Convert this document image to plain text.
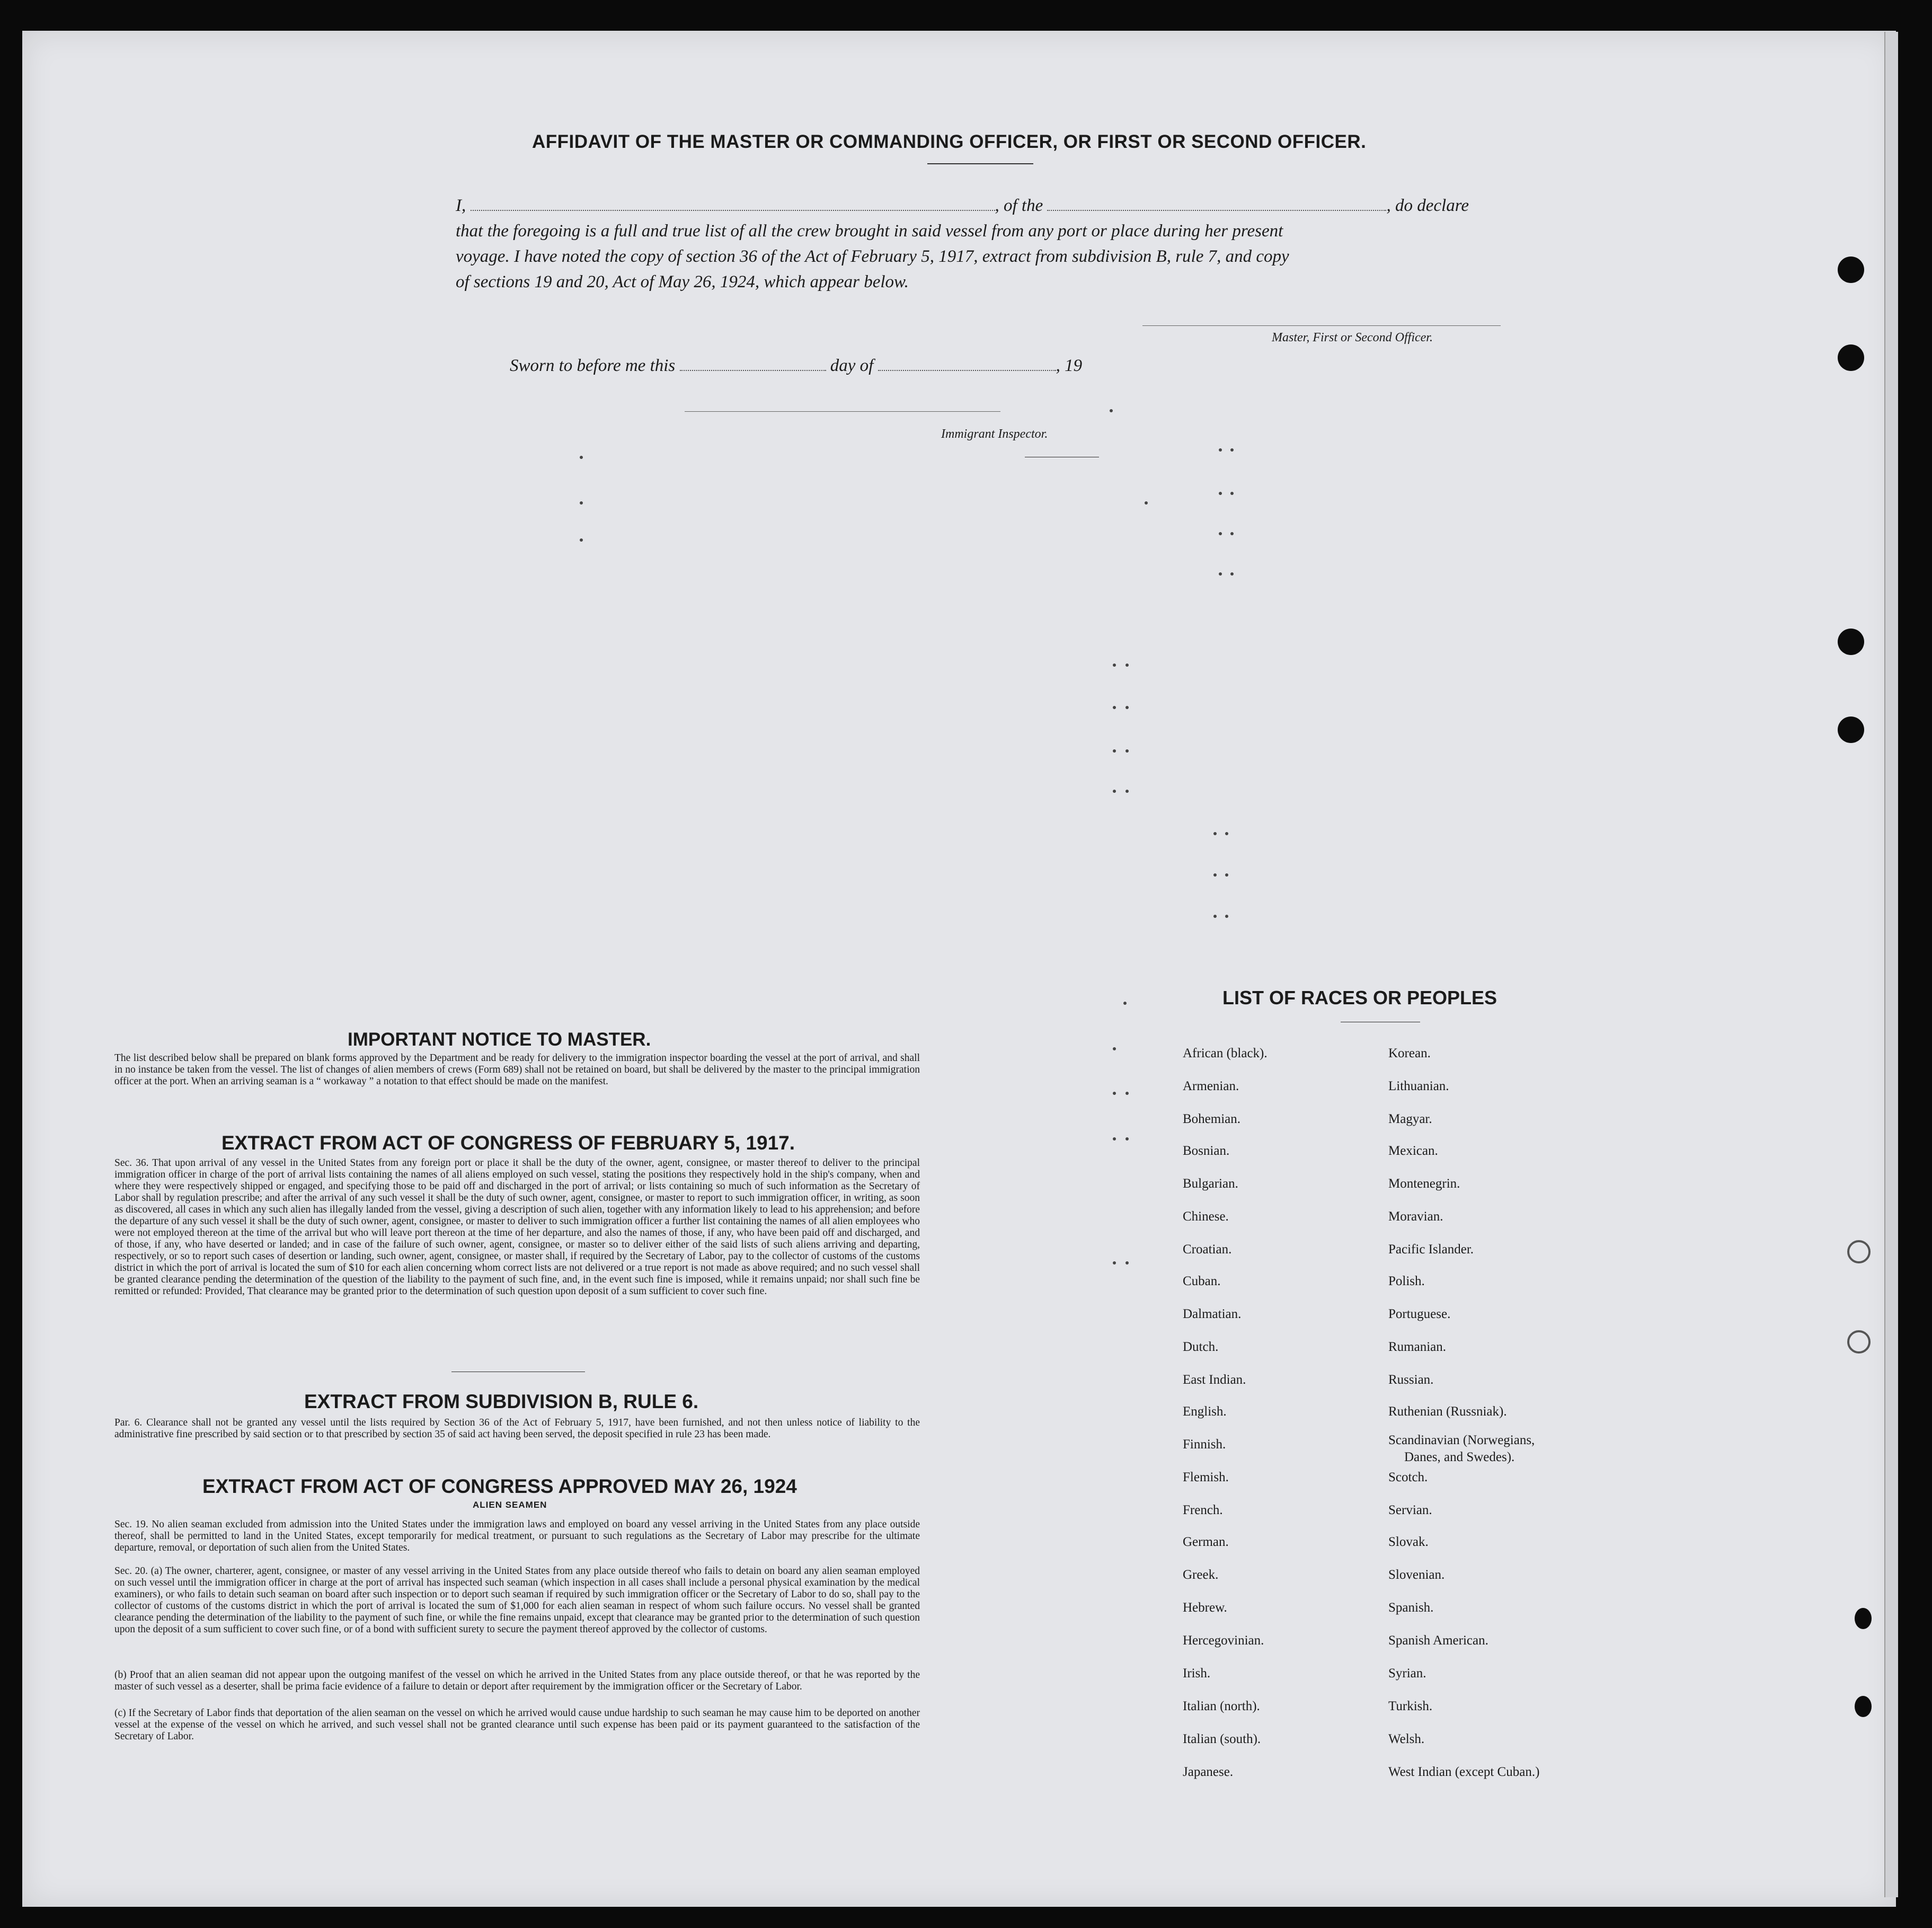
AFFIDAVIT OF THE MASTER OR COMMANDING OFFICER, OR FIRST OR SECOND OFFICER.
I,	, of the	, do declare
that the foregoing is a full and true list of all the crew brought in said vessel from any port or place during her present
voyage. I have noted the copy of section 36 of the Act of February 5, 1917, extract from subdivision B, rule 7, and copy
of sections 19 and 20, Act of May 26, 1924, which appear below.
Master, First or Second Officer.
Sworn to before me this	day of	, 19
Immigrant Inspector.
IMPORTANT NOTICE TO MASTER.
The list described below shall be prepared on blank forms approved by the Department and be ready for delivery to the immigration inspector boarding the vessel at the port of arrival, and shall in no instance be taken from the vessel. The list of changes of alien members of crews (Form 689) shall not be retained on board, but shall be delivered by the master to the principal immigration officer at the port. When an arriving seaman is a “ workaway ” a notation to that effect should be made on the manifest.
EXTRACT FROM ACT OF CONGRESS OF FEBRUARY 5, 1917.
Sec. 36. That upon arrival of any vessel in the United States from any foreign port or place it shall be the duty of the owner, agent, consignee, or master thereof to deliver to the principal immigration officer in charge of the port of arrival lists containing the names of all aliens employed on such vessel, stating the positions they respectively hold in the ship's company, when and where they were respectively shipped or engaged, and specifying those to be paid off and discharged in the port of arrival; or lists containing so much of such information as the Secretary of Labor shall by regulation prescribe; and after the arrival of any such vessel it shall be the duty of such owner, agent, consignee, or master to report to such immigration officer, in writing, as soon as discovered, all cases in which any such alien has illegally landed from the vessel, giving a description of such alien, together with any information likely to lead to his apprehension; and before the departure of any such vessel it shall be the duty of such owner, agent, consignee, or master to deliver to such immigration officer a further list containing the names of all alien employees who were not employed thereon at the time of the arrival but who will leave port thereon at the time of her departure, and also the names of those, if any, who have been paid off and discharged, and of those, if any, who have deserted or landed; and in case of the failure of such owner, agent, consignee, or master so to deliver either of the said lists of such aliens arriving and departing, respectively, or so to report such cases of desertion or landing, such owner, agent, consignee, or master shall, if required by the Secretary of Labor, pay to the collector of customs of the customs district in which the port of arrival is located the sum of $10 for each alien concerning whom correct lists are not delivered or a true report is not made as above required; and no such vessel shall be granted clearance pending the determination of the question of the liability to the payment of such fine, and, in the event such fine is imposed, while it remains unpaid; nor shall such fine be remitted or refunded: Provided, That clearance may be granted prior to the determination of such question upon deposit of a sum sufficient to cover such fine.
EXTRACT FROM SUBDIVISION B, RULE 6.
Par. 6. Clearance shall not be granted any vessel until the lists required by Section 36 of the Act of February 5, 1917, have been furnished, and not then unless notice of liability to the administrative fine prescribed by said section or to that prescribed by section 35 of said act having been served, the deposit specified in rule 23 has been made.
EXTRACT FROM ACT OF CONGRESS APPROVED MAY 26, 1924
ALIEN SEAMEN
Sec. 19. No alien seaman excluded from admission into the United States under the immigration laws and employed on board any vessel arriving in the United States from any place outside thereof, shall be permitted to land in the United States, except temporarily for medical treatment, or pursuant to such regulations as the Secretary of Labor may prescribe for the ultimate departure, removal, or deportation of such alien from the United States.
Sec. 20. (a) The owner, charterer, agent, consignee, or master of any vessel arriving in the United States from any place outside thereof who fails to detain on board any alien seaman employed on such vessel until the immigration officer in charge at the port of arrival has inspected such seaman (which inspection in all cases shall include a personal physical examination by the medical examiners), or who fails to detain such seaman on board after such inspection or to deport such seaman if required by such immigration officer or the Secretary of Labor to do so, shall pay to the collector of customs of the customs district in which the port of arrival is located the sum of $1,000 for each alien seaman in respect of whom such failure occurs. No vessel shall be granted clearance pending the determination of the liability to the payment of such fine, or while the fine remains unpaid, except that clearance may be granted prior to the determination of such question upon the deposit of a sum sufficient to cover such fine, or of a bond with sufficient surety to secure the payment thereof approved by the collector of customs.
(b) Proof that an alien seaman did not appear upon the outgoing manifest of the vessel on which he arrived in the United States from any place outside thereof, or that he was reported by the master of such vessel as a deserter, shall be prima facie evidence of a failure to detain or deport after requirement by the immigration officer or the Secretary of Labor.
(c) If the Secretary of Labor finds that deportation of the alien seaman on the vessel on which he arrived would cause undue hardship to such seaman he may cause him to be deported on another vessel at the expense of the vessel on which he arrived, and such vessel shall not be granted clearance until such expense has been paid or its payment guaranteed to the satisfaction of the Secretary of Labor.
LIST OF RACES OR PEOPLES
African (black).
Armenian.
Bohemian.
Bosnian.
Bulgarian.
Chinese.
Croatian.
Cuban.
Dalmatian.
Dutch.
East Indian.
English.
Finnish.
Flemish.
French.
German.
Greek.
Hebrew.
Hercegovinian.
Irish.
Italian (north).
Italian (south).
Japanese.
Korean.
Lithuanian.
Magyar.
Mexican.
Montenegrin.
Moravian.
Pacific Islander.
Polish.
Portuguese.
Rumanian.
Russian.
Ruthenian (Russniak).
Scandinavian (Norwegians,
Danes, and Swedes).
Scotch.
Servian.
Slovak.
Slovenian.
Spanish.
Spanish American.
Syrian.
Turkish.
Welsh.
West Indian (except Cuban.)
